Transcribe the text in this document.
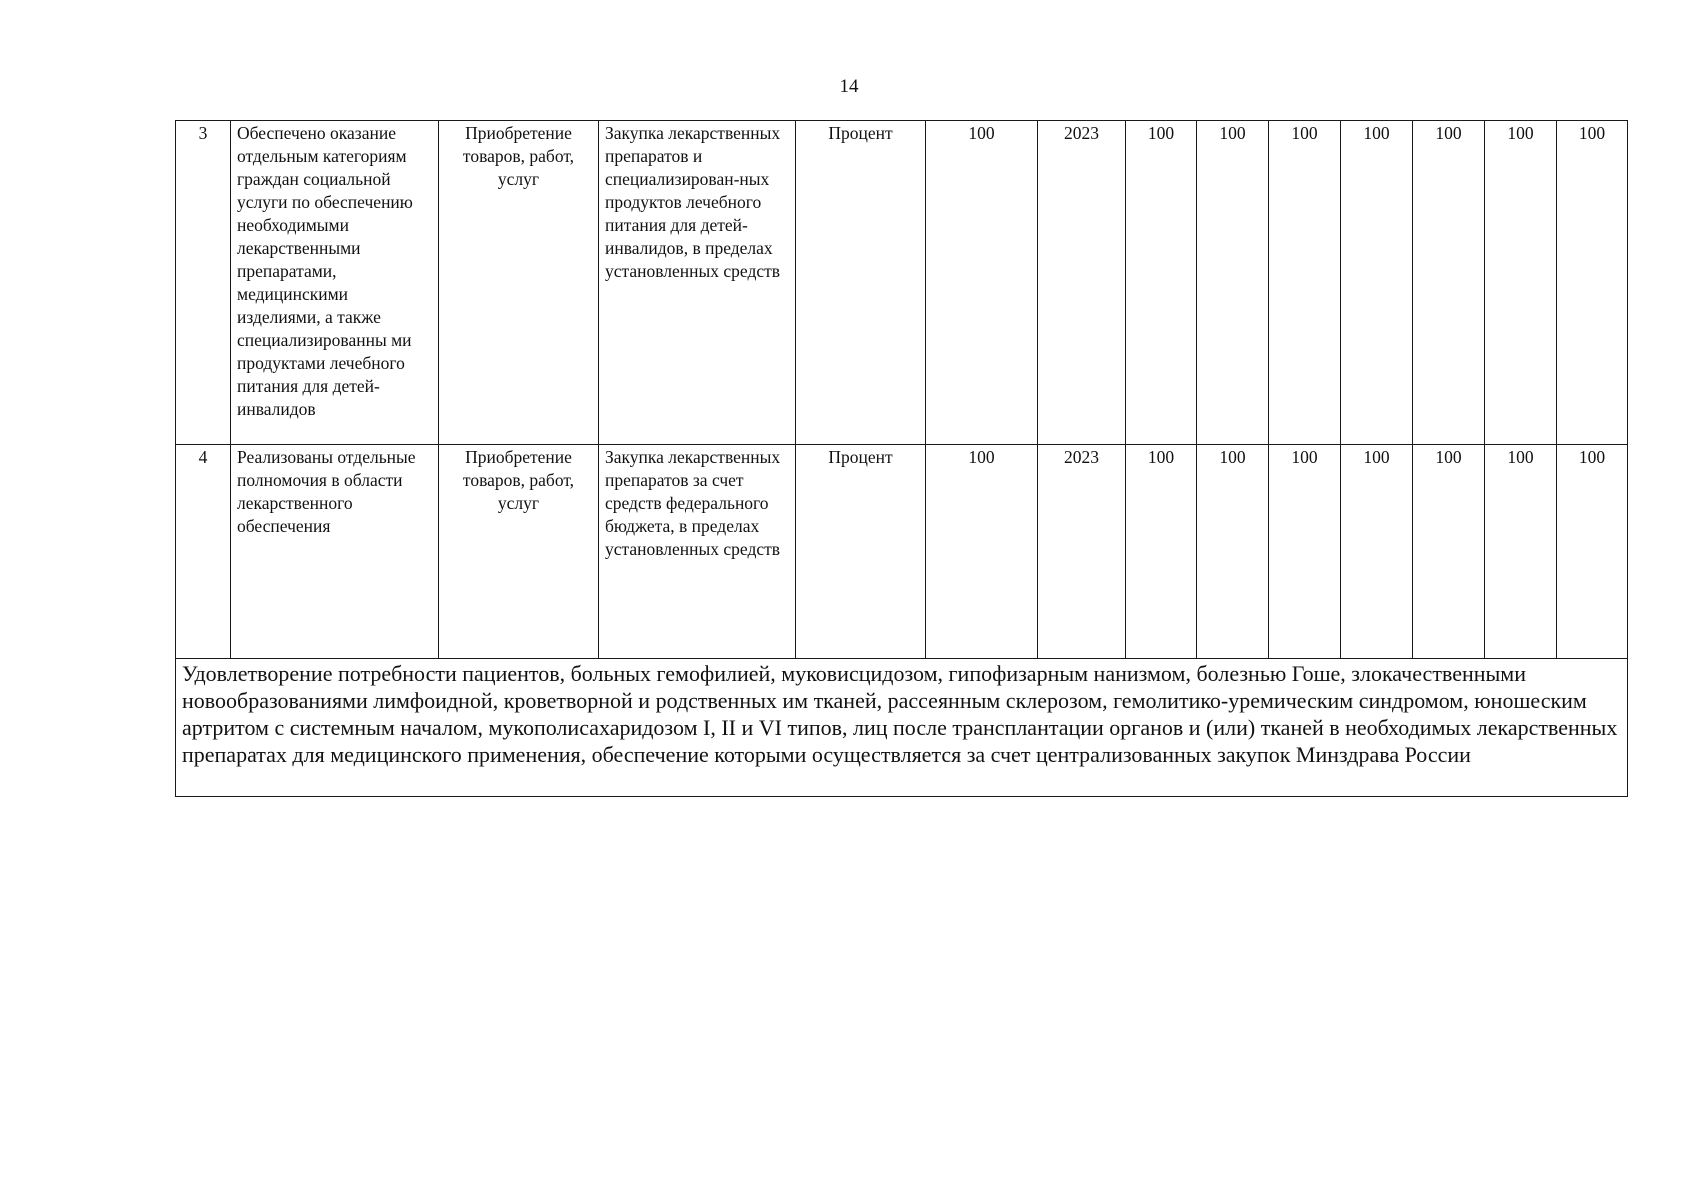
14
3	Обеспечено оказание отдельным категориям граждан социальной услуги по обеспечению необходимыми лекарственными препаратами, медицинскими изделиями, а также специализированны ми продуктами лечебного питания для детей-инвалидов	Приобретение товаров, работ, услуг	Закупка лекарственных препаратов и специализирован-ных продуктов лечебного питания для детей-инвалидов, в пределах установленных средств	Процент	100	2023	100	100	100	100	100	100	100
4	Реализованы отдельные полномочия в области лекарственного обеспечения	Приобретение товаров, работ, услуг	Закупка лекарственных препаратов за счет средств федерального бюджета, в пределах установленных средств	Процент	100	2023	100	100	100	100	100	100	100
Удовлетворение потребности пациентов, больных гемофилией, муковисцидозом, гипофизарным нанизмом, болезнью Гоше, злокачественными новообразованиями лимфоидной, кроветворной и родственных им тканей, рассеянным склерозом, гемолитико-уремическим синдромом, юношеским артритом с системным началом, мукополисахаридозом I, II и VI типов, лиц после трансплантации органов и (или) тканей в необходимых лекарственных препаратах для медицинского применения, обеспечение которыми осуществляется за счет централизованных закупок Минздрава России													
